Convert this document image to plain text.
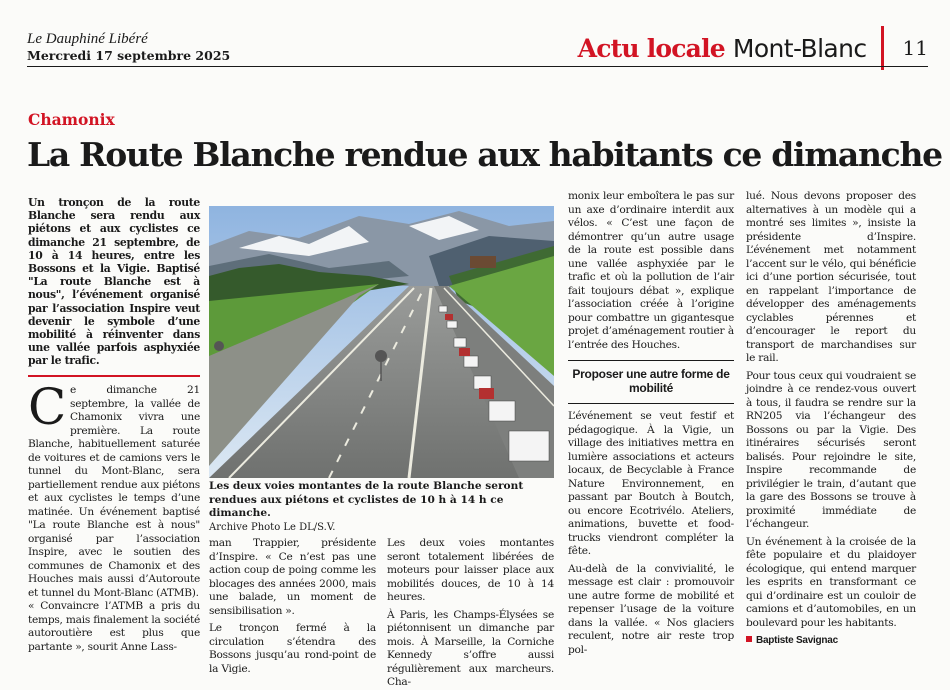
Le Dauphiné Libéré
Mercredi 17 septembre 2025	Actu locale Mont-Blanc 11
Chamonix
La Route Blanche rendue aux habitants ce dimanche
Un tronçon de la route Blanche sera rendu aux piétons et aux cyclistes ce dimanche 21 septembre, de 10 à 14 heures, entre les Bossons et la Vigie. Baptisé "La route Blanche est à nous", l’événement organisé par l’association Inspire veut devenir le symbole d’une mobilité à réinventer dans une vallée parfois asphyxiée par le trafic.

Ce dimanche 21 septembre, la vallée de Chamonix vivra une première. La route Blanche, habituellement saturée de voitures et de camions vers le tunnel du Mont-Blanc, sera partiellement rendue aux piétons et aux cyclistes le temps d’une matinée. Un événement baptisé "La route Blanche est à nous" organisé par l’association Inspire, avec le soutien des communes de Chamonix et des Houches mais aussi d’Autoroute et tunnel du Mont-Blanc (ATMB).

« Convaincre l’ATMB a pris du temps, mais finalement la société autoroutière est plus que partante », sourit Anne Lass-

Les deux voies montantes de la route Blanche seront rendues aux piétons et cyclistes de 10 h à 14 h ce dimanche.
Archive Photo Le DL/S.V.

man Trappier, présidente d’Inspire. « Ce n’est pas une action coup de poing comme les blocages des années 2000, mais une balade, un moment de sensibilisation ».

Le tronçon fermé à la circulation s’étendra des Bossons jusqu’au rond-point de la Vigie.

Les deux voies montantes seront totalement libérées de moteurs pour laisser place aux mobilités douces, de 10 à 14 heures.

À Paris, les Champs-Élysées se piétonnisent un dimanche par mois. À Marseille, la Corniche Kennedy s’offre aussi régulièrement aux marcheurs. Cha-

monix leur emboîtera le pas sur un axe d’ordinaire interdit aux vélos. « C’est une façon de démontrer qu’un autre usage de la route est possible dans une vallée asphyxiée par le trafic et où la pollution de l’air fait toujours débat », explique l’association créée à l’origine pour combattre un gigantesque projet d’aménagement routier à l’entrée des Houches.

Proposer une autre forme de mobilité

L’événement se veut festif et pédagogique. À la Vigie, un village des initiatives mettra en lumière associations et acteurs locaux, de Becyclable à France Nature Environnement, en passant par Boutch à Boutch, ou encore Ecotrivélo. Ateliers, animations, buvette et food-trucks viendront compléter la fête.

Au-delà de la convivialité, le message est clair : promouvoir une autre forme de mobilité et repenser l’usage de la voiture dans la vallée. « Nos glaciers reculent, notre air reste trop pol-

lué. Nous devons proposer des alternatives à un modèle qui a montré ses limites », insiste la présidente d’Inspire. L’événement met notamment l’accent sur le vélo, qui bénéficie ici d’une portion sécurisée, tout en rappelant l’importance de développer des aménagements cyclables pérennes et d’encourager le report du transport de marchandises sur le rail.

Pour tous ceux qui voudraient se joindre à ce rendez-vous ouvert à tous, il faudra se rendre sur la RN205 via l’échangeur des Bossons ou par la Vigie. Des itinéraires sécurisés seront balisés. Pour rejoindre le site, Inspire recommande de privilégier le train, d’autant que la gare des Bossons se trouve à proximité immédiate de l’échangeur.

Un événement à la croisée de la fête populaire et du plaidoyer écologique, qui entend marquer les esprits en transformant ce qui d’ordinaire est un couloir de camions et d’automobiles, en un boulevard pour les habitants.

Baptiste Savignac
